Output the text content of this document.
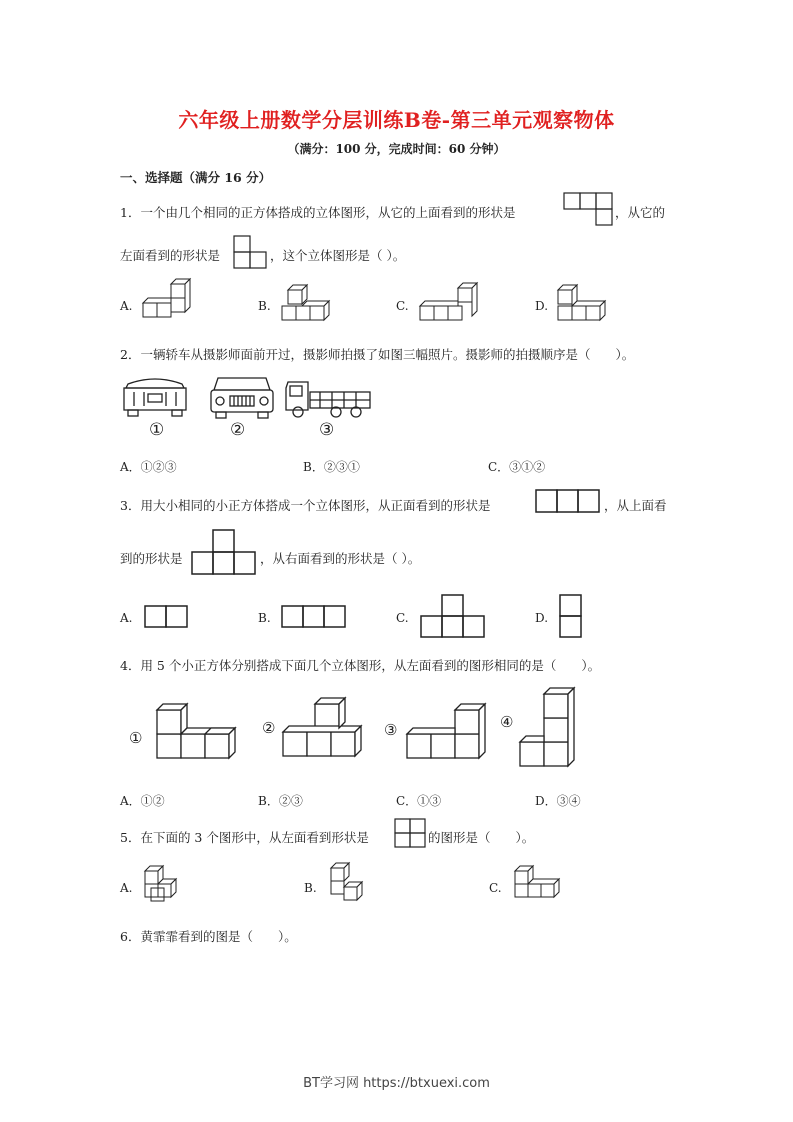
六年级上册数学分层训练B卷-第三单元观察物体
（满分：100 分，完成时间：60 分钟）
一、选择题（满分 16 分）
1．一个由几个相同的正方体搭成的立体图形，从它的上面看到的形状是	，从它的
左面看到的形状是	，这个立体图形是（ ）。
A.	B.	C.	D.
2．一辆轿车从摄影师面前开过，摄影师拍摄了如图三幅照片。摄影师的拍摄顺序是（　　）。
①	②	③
A．①②③	B．②③①	C．③①②
3．用大小相同的小正方体搭成一个立体图形，从正面看到的形状是	，从上面看
到的形状是	，从右面看到的形状是（ ）。
A.	B.	C.	D.
4．用 5 个小正方体分别搭成下面几个立体图形，从左面看到的图形相同的是（　　）。
①
②	③	④
A．①②	B．②③	C．①③	D．③④
5．在下面的 3 个图形中，从左面看到形状是	的图形是（　　）。
A.	B.	C.
6．黄霏霏看到的图是（　　）。
BT学习网 https://btxuexi.com
